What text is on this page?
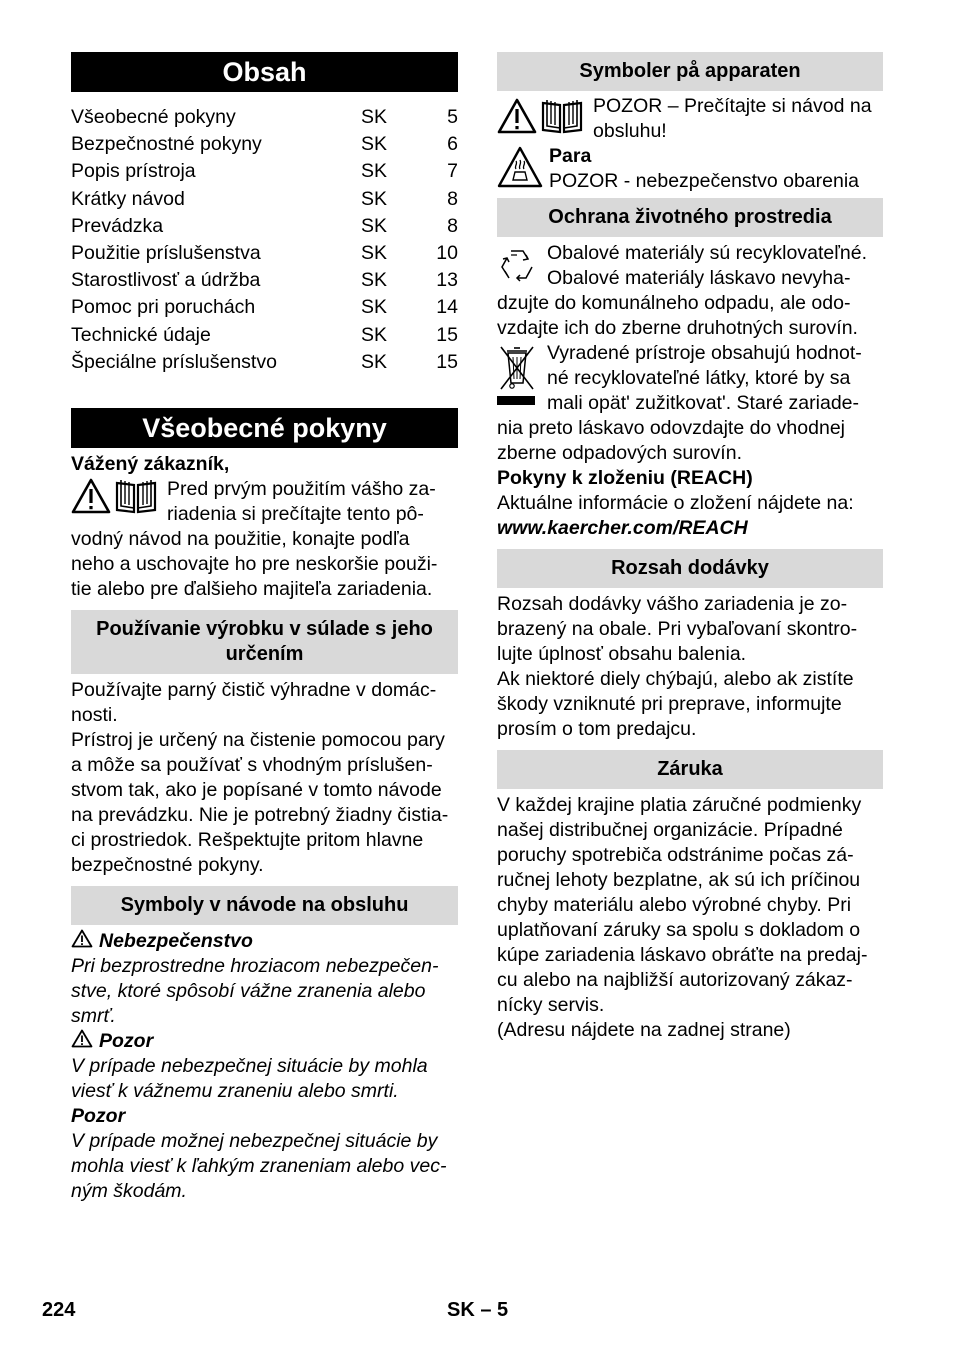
Obsah
Všeobecné pokyny	SK	5
Bezpečnostné pokyny	SK	6
Popis prístroja	SK	7
Krátky návod	SK	8
Prevádzka	SK	8
Použitie príslušenstva	SK	10
Starostlivosť a údržba	SK	13
Pomoc pri poruchách	SK	14
Technické údaje	SK	15
Špeciálne príslušenstvo	SK	15
Všeobecné pokyny

Vážený zákazník,

Pred prvým použitím vášho za-

riadenia si prečítajte tento pô-

vodný návod na použitie, konajte podľa

neho a uschovajte ho pre neskoršie použi-

tie alebo pre ďalšieho majiteľa zariadenia.

Používanie výrobku v súlade s jeho určením

Používajte parný čistič výhradne v domác-

nosti.

Prístroj je určený na čistenie pomocou pary

a môže sa používať s vhodným príslušen-

stvom tak, ako je popísané v tomto návode

na prevádzku. Nie je potrebný žiadny čistia-

ci prostriedok. Rešpektujte pritom hlavne

bezpečnostné pokyny.

Symboly v návode na obsluhu

Nebezpečenstvo

Pri bezprostredne hroziacom nebezpečen-

stve, ktoré spôsobí vážne zranenia alebo

smrť.

Pozor

V prípade nebezpečnej situácie by mohla

viesť k vážnemu zraneniu alebo smrti.

Pozor

V prípade možnej nebezpečnej situácie by

mohla viesť k ľahkým zraneniam alebo vec-

ným škodám.

Symboler på apparaten

POZOR – Prečítajte si návod na

obsluhu!

Para

POZOR - nebezpečenstvo obarenia

Ochrana životného prostredia

Obalové materiály sú recyklovateľné.

Obalové materiály láskavo nevyha-

dzujte do komunálneho odpadu, ale odo-

vzdajte ich do zberne druhotných surovín.

Vyradené prístroje obsahujú hodnot-

né recyklovateľné látky, ktoré by sa

mali opät' zužitkovat'. Staré zariade-

nia preto láskavo odovzdajte do vhodnej

zberne odpadových surovín.

Pokyny k zloženiu (REACH)

Aktuálne informácie o zložení nájdete na:

www.kaercher.com/REACH

Rozsah dodávky

Rozsah dodávky vášho zariadenia je zo-

brazený na obale. Pri vybaľovaní skontro-

lujte úplnosť obsahu balenia.

Ak niektoré diely chýbajú, alebo ak zistíte

škody vzniknuté pri preprave, informujte

prosím o tom predajcu.

Záruka

V každej krajine platia záručné podmienky

našej distribučnej organizácie. Prípadné

poruchy spotrebiča odstránime počas zá-

ručnej lehoty bezplatne, ak sú ich príčinou

chyby materiálu alebo výrobné chyby. Pri

uplatňovaní záruky sa spolu s dokladom o

kúpe zariadenia láskavo obráťte na predaj-

cu alebo na najbližší autorizovaný zákaz-

nícky servis.

(Adresu nájdete na zadnej strane)

224	SK – 5
